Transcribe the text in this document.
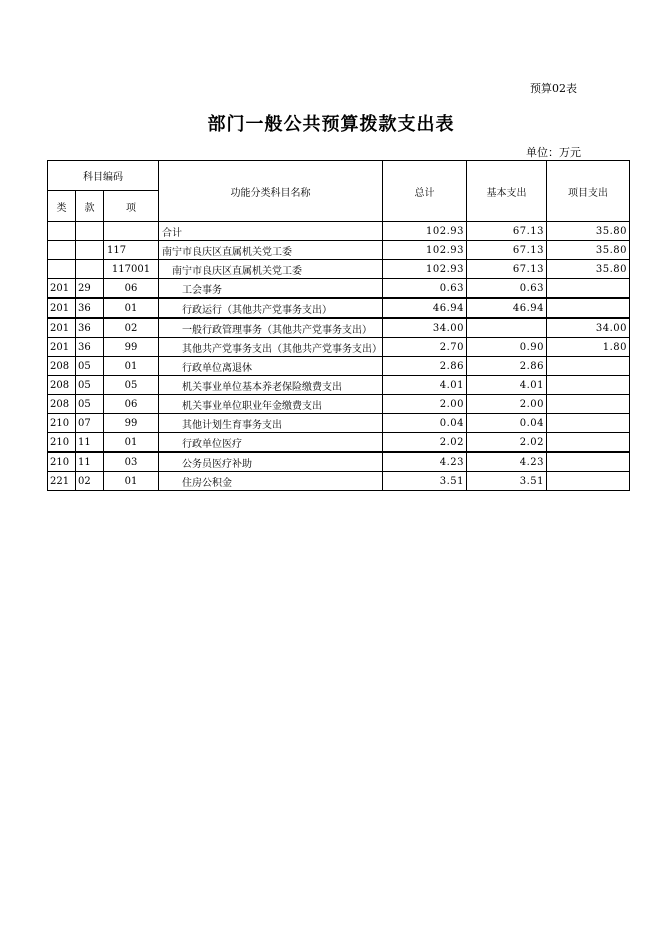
预算02表
部门一般公共预算拨款支出表
单位：万元
科目编码			功能分类科目名称	总计	基本支出	项目支出
类	款	项				
			合计	102.93	67.13	35.80
		117	南宁市良庆区直属机关党工委	102.93	67.13	35.80
		117001	南宁市良庆区直属机关党工委	102.93	67.13	35.80
201	29	06	工会事务	0.63	0.63	
201	36	01	行政运行（其他共产党事务支出）	46.94	46.94	
201	36	02	一般行政管理事务（其他共产党事务支出）	34.00		34.00
201	36	99	其他共产党事务支出（其他共产党事务支出）	2.70	0.90	1.80
208	05	01	行政单位离退休	2.86	2.86	
208	05	05	机关事业单位基本养老保险缴费支出	4.01	4.01	
208	05	06	机关事业单位职业年金缴费支出	2.00	2.00	
210	07	99	其他计划生育事务支出	0.04	0.04	
210	11	01	行政单位医疗	2.02	2.02	
210	11	03	公务员医疗补助	4.23	4.23	
221	02	01	住房公积金	3.51	3.51	
